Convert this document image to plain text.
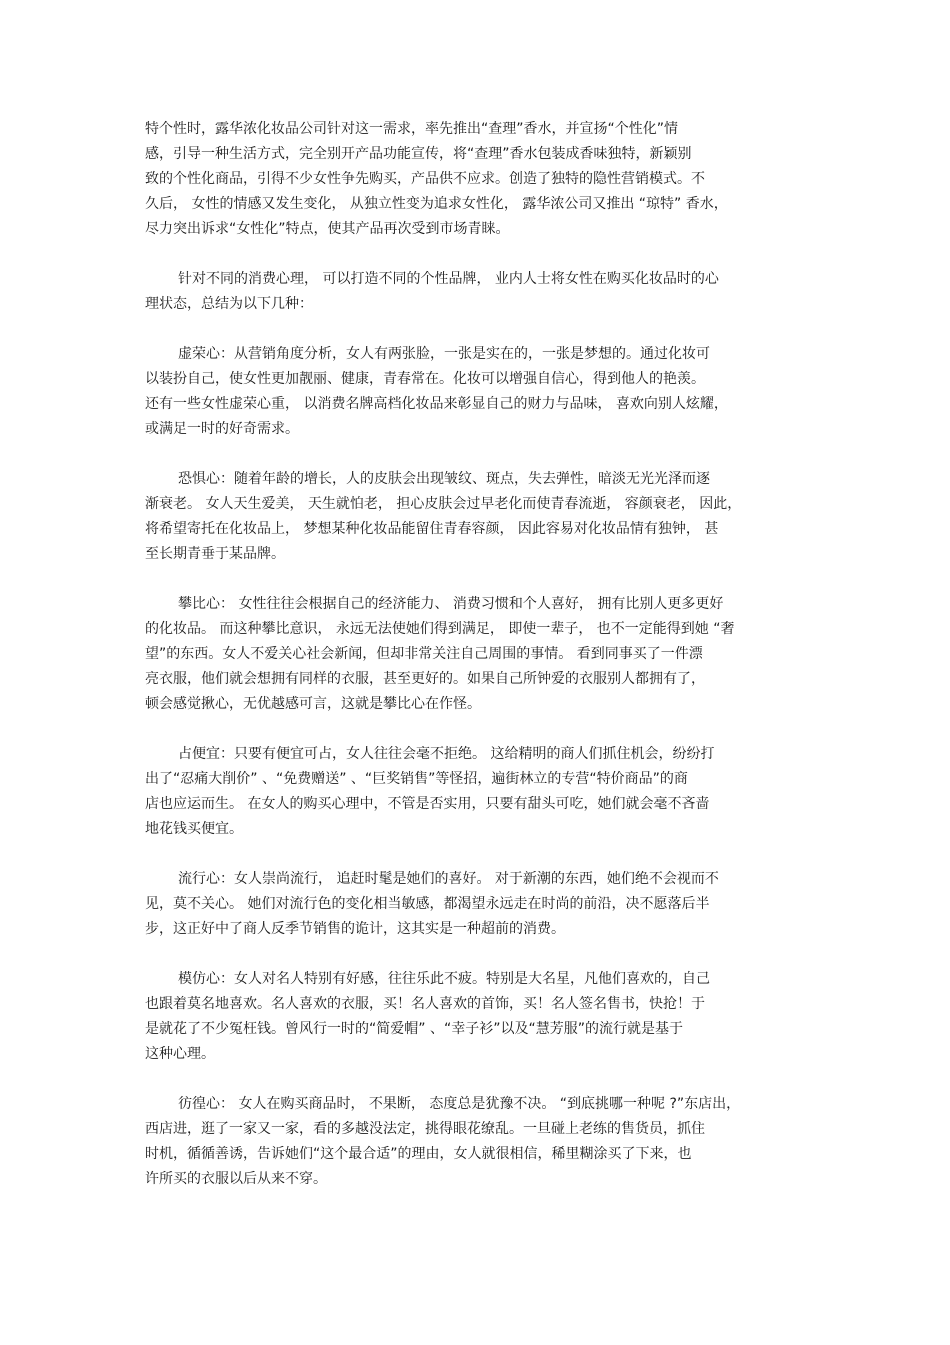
特个性时，露华浓化妆品公司针对这一需求，率先推出“查理”香水，并宣扬“个性化”情
感，引导一种生活方式，完全别开产品功能宣传，将“查理”香水包装成香味独特，新颖别
致的个性化商品，引得不少女性争先购买，产品供不应求。创造了独特的隐性营销模式。不
久后， 女性的情感又发生变化， 从独立性变为追求女性化， 露华浓公司又推出 “琼特” 香水，
尽力突出诉求“女性化”特点，使其产品再次受到市场青睐。
针对不同的消费心理， 可以打造不同的个性品牌， 业内人士将女性在购买化妆品时的心
理状态，总结为以下几种：
虚荣心：从营销角度分析，女人有两张脸，一张是实在的，一张是梦想的。通过化妆可
以装扮自己，使女性更加靓丽、健康，青春常在。化妆可以增强自信心，得到他人的艳羡。
还有一些女性虚荣心重， 以消费名牌高档化妆品来彰显自己的财力与品味， 喜欢向别人炫耀，
或满足一时的好奇需求。
恐惧心：随着年龄的增长，人的皮肤会出现皱纹、斑点，失去弹性，暗淡无光光泽而逐
渐衰老。 女人天生爱美， 天生就怕老， 担心皮肤会过早老化而使青春流逝， 容颜衰老， 因此，
将希望寄托在化妆品上， 梦想某种化妆品能留住青春容颜， 因此容易对化妆品情有独钟， 甚
至长期青垂于某品牌。
攀比心： 女性往往会根据自己的经济能力、 消费习惯和个人喜好， 拥有比别人更多更好
的化妆品。 而这种攀比意识， 永远无法使她们得到满足， 即使一辈子， 也不一定能得到她 “奢
望”的东西。女人不爱关心社会新闻，但却非常关注自己周围的事情。 看到同事买了一件漂
亮衣服，他们就会想拥有同样的衣服，甚至更好的。如果自己所钟爱的衣服别人都拥有了，
顿会感觉揪心，无优越感可言，这就是攀比心在作怪。
占便宜：只要有便宜可占，女人往往会毫不拒绝。 这给精明的商人们抓住机会，纷纷打
出了“忍痛大削价” 、“免费赠送” 、“巨奖销售”等怪招，遍街林立的专营“特价商品”的商
店也应运而生。 在女人的购买心理中，不管是否实用，只要有甜头可吃，她们就会毫不吝啬
地花钱买便宜。
流行心：女人崇尚流行， 追赶时髦是她们的喜好。 对于新潮的东西，她们绝不会视而不
见，莫不关心。 她们对流行色的变化相当敏感，都渴望永远走在时尚的前沿，决不愿落后半
步，这正好中了商人反季节销售的诡计，这其实是一种超前的消费。
模仿心：女人对名人特别有好感，往往乐此不疲。特别是大名星，凡他们喜欢的，自己
也跟着莫名地喜欢。名人喜欢的衣服，买！名人喜欢的首饰，买！名人签名售书，快抢！于
是就花了不少冤枉钱。曾风行一时的“简爱帽” 、“幸子衫”以及“慧芳服”的流行就是基于
这种心理。
彷徨心： 女人在购买商品时， 不果断， 态度总是犹豫不决。 “到底挑哪一种呢 ?”东店出，
西店进，逛了一家又一家，看的多越没法定，挑得眼花缭乱。一旦碰上老练的售货员，抓住
时机，循循善诱，告诉她们“这个最合适”的理由，女人就很相信，稀里糊涂买了下来，也
许所买的衣服以后从来不穿。
